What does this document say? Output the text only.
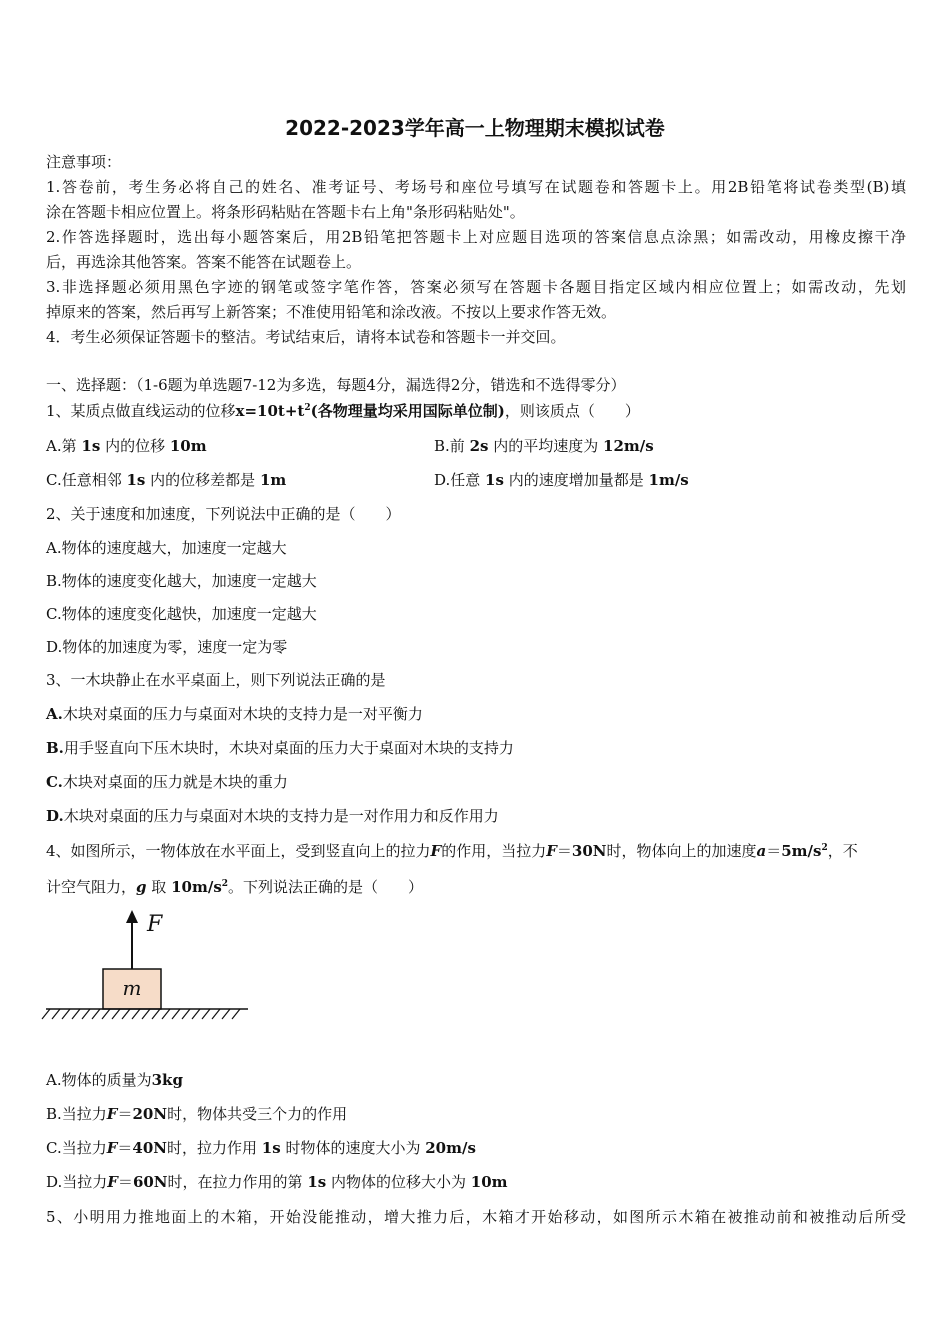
2022-2023学年高一上物理期末模拟试卷
注意事项：
1.答卷前，考生务必将自己的姓名、准考证号、考场号和座位号填写在试题卷和答题卡上。用2B铅笔将试卷类型(B)填
涂在答题卡相应位置上。将条形码粘贴在答题卡右上角"条形码粘贴处"。
2.作答选择题时，选出每小题答案后，用2B铅笔把答题卡上对应题目选项的答案信息点涂黑；如需改动，用橡皮擦干净
后，再选涂其他答案。答案不能答在试题卷上。
3.非选择题必须用黑色字迹的钢笔或签字笔作答，答案必须写在答题卡各题目指定区域内相应位置上；如需改动，先划
掉原来的答案，然后再写上新答案；不准使用铅笔和涂改液。不按以上要求作答无效。
4．考生必须保证答题卡的整洁。考试结束后，请将本试卷和答题卡一并交回。
一、选择题：（1-6题为单选题7-12为多选，每题4分，漏选得2分，错选和不选得零分）
1、某质点做直线运动的位移$x=10t+t^2$(各物理量均采用国际单位制)，则该质点（　　）
A.第 1s 内的位移 10m	B.前 2s 内的平均速度为 12m/s
C.任意相邻 1s 内的位移差都是 1m	D.任意 1s 内的速度增加量都是 1m/s
2、关于速度和加速度，下列说法中正确的是（　　）
A.物体的速度越大，加速度一定越大
B.物体的速度变化越大，加速度一定越大
C.物体的速度变化越快，加速度一定越大
D.物体的加速度为零，速度一定为零
3、一木块静止在水平桌面上，则下列说法正确的是
A.木块对桌面的压力与桌面对木块的支持力是一对平衡力
B.用手竖直向下压木块时，木块对桌面的压力大于桌面对木块的支持力
C.木块对桌面的压力就是木块的重力
D.木块对桌面的压力与桌面对木块的支持力是一对作用力和反作用力
4、如图所示，一物体放在水平面上，受到竖直向上的拉力F的作用，当拉力F＝30N时，物体向上的加速度$a=5m/s^2$，不
计空气阻力，g 取 $10m/s^2$。下列说法正确的是（　　）
F
m
A.物体的质量为3kg
B.当拉力F＝20N时，物体共受三个力的作用
C.当拉力F＝40N时，拉力作用 1s 时物体的速度大小为 20m/s
D.当拉力F＝60N时，在拉力作用的第 1s 内物体的位移大小为 10m
5、小明用力推地面上的木箱，开始没能推动，增大推力后，木箱才开始移动，如图所示木箱在被推动前和被推动后所受
